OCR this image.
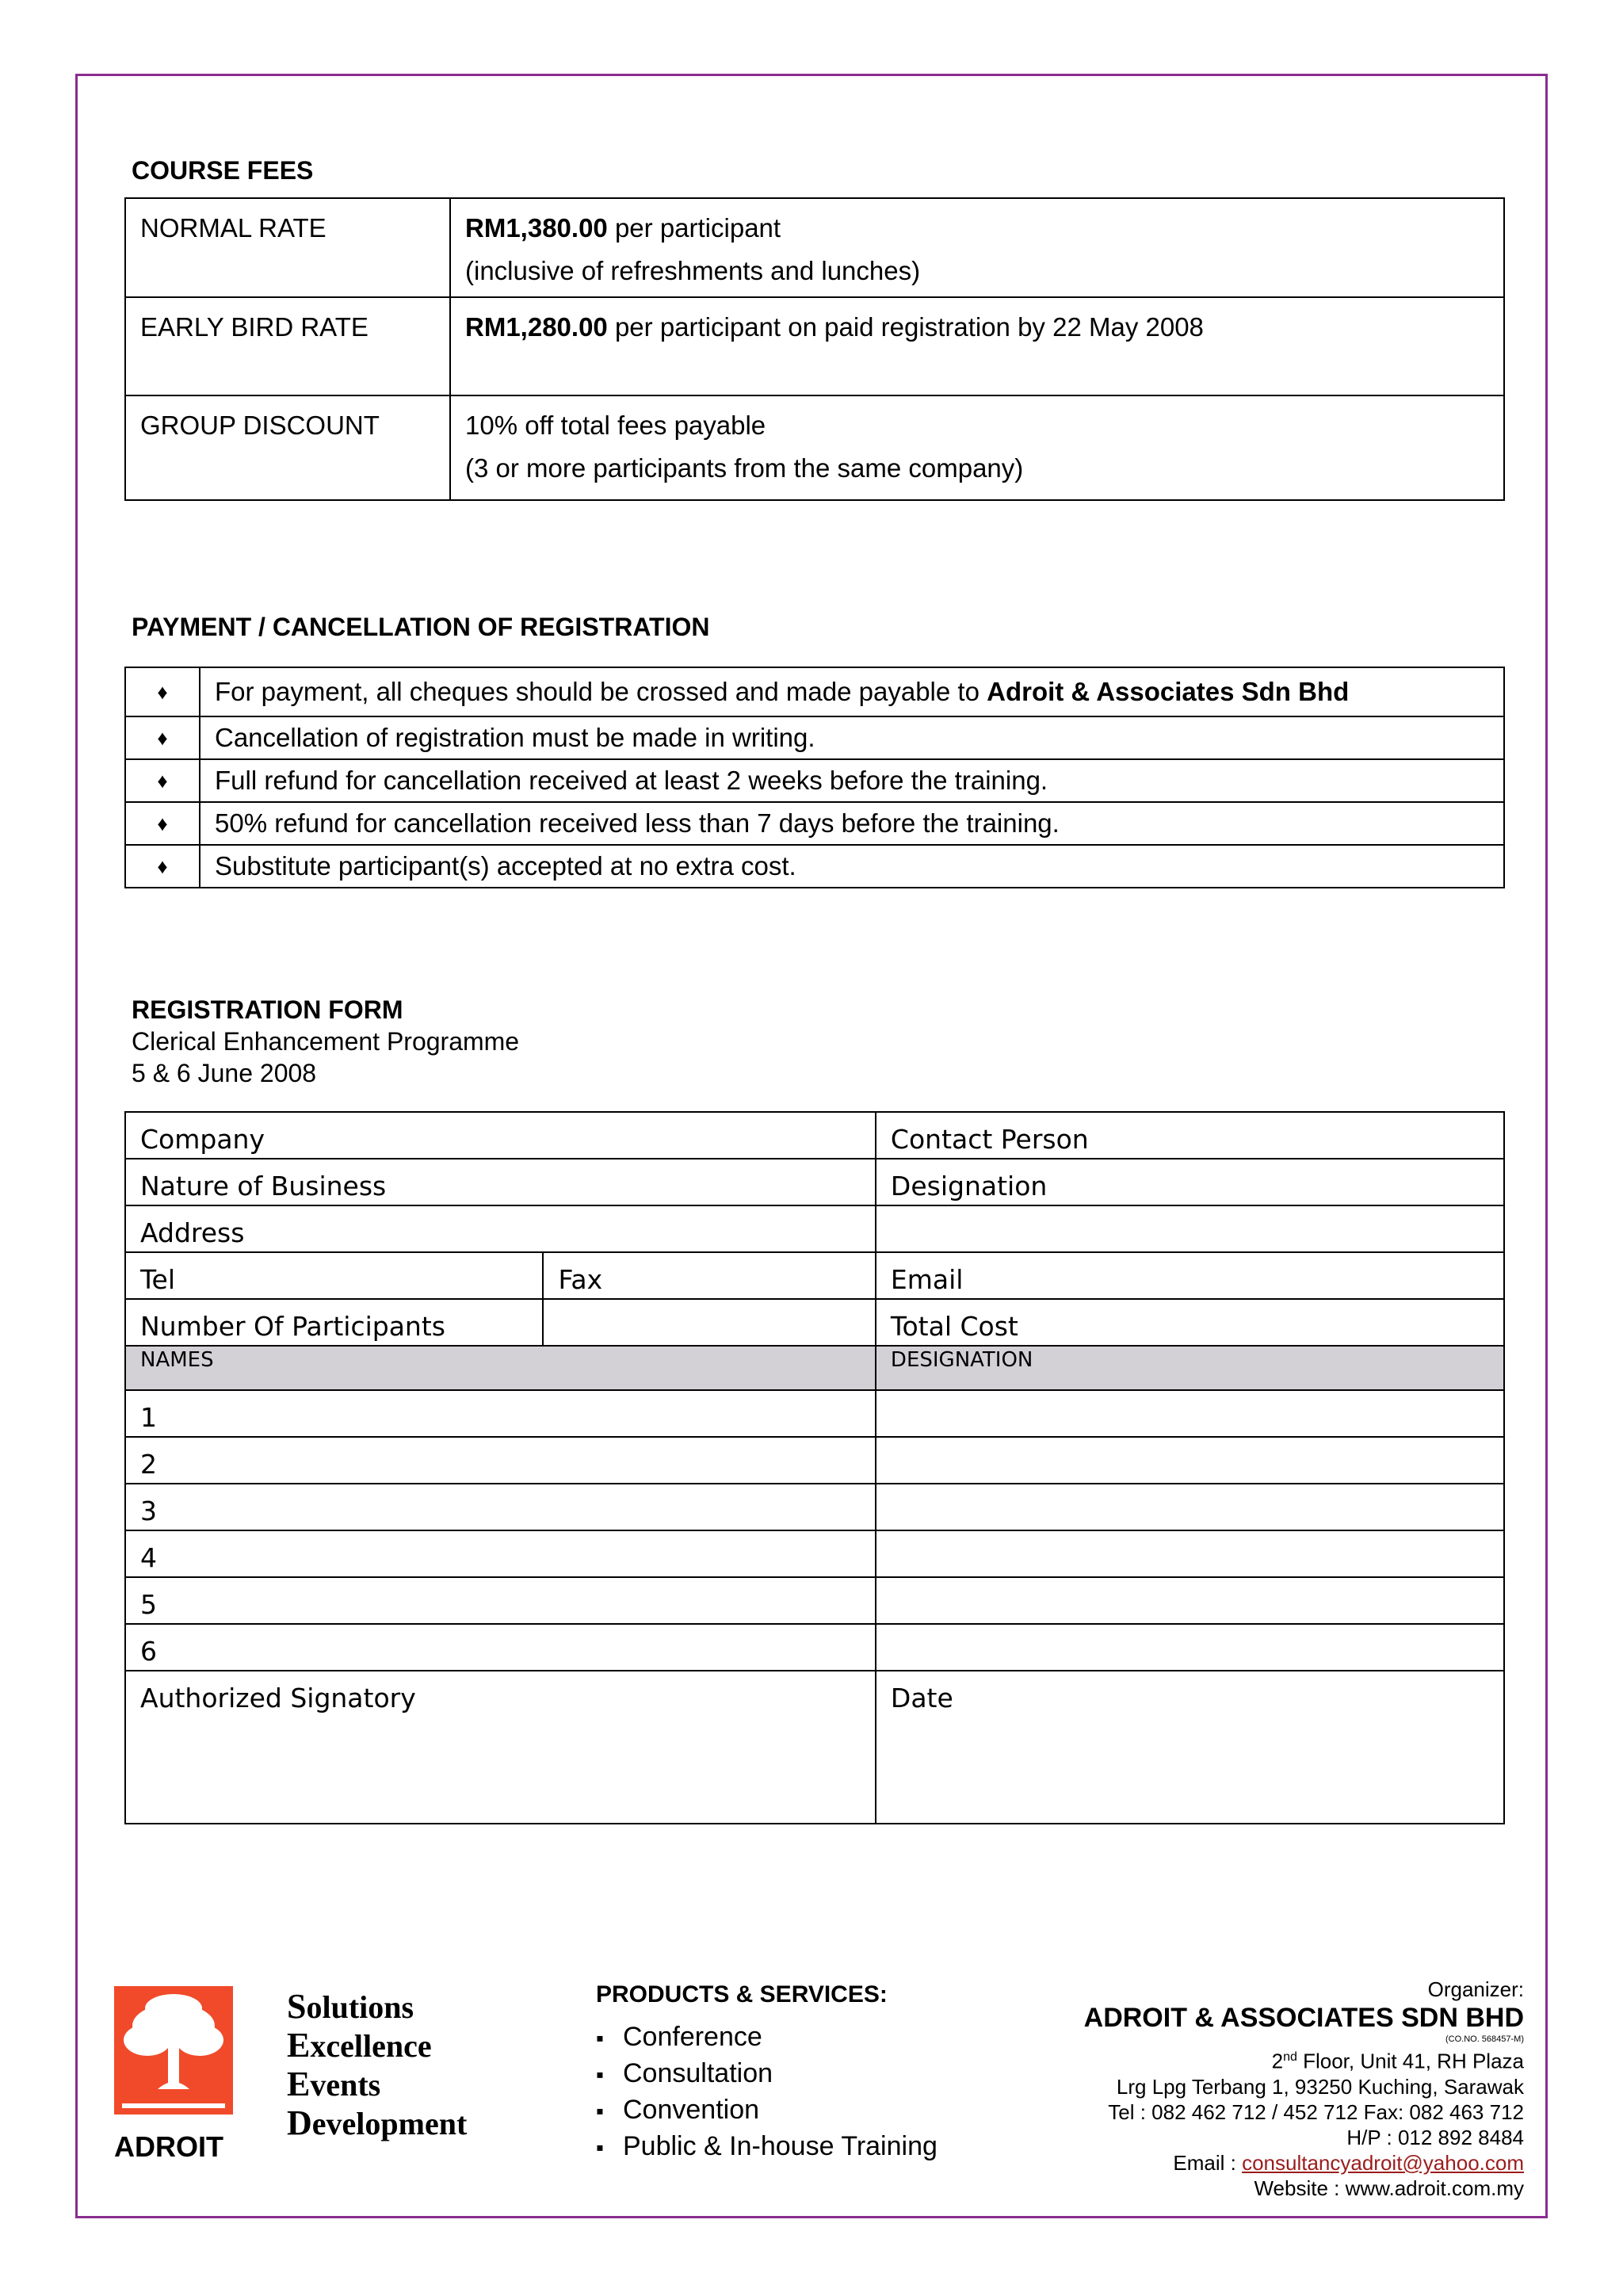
COURSE FEES
NORMAL RATE	RM1,380.00 per participant
(inclusive of refreshments and lunches)

EARLY BIRD RATE	RM1,280.00 per participant on paid registration by 22 May 2008

GROUP DISCOUNT	10% off total fees payable
(3 or more participants from the same company)
PAYMENT / CANCELLATION OF REGISTRATION
♦	For payment, all cheques should be crossed and made payable to Adroit & Associates Sdn Bhd
♦	Cancellation of registration must be made in writing.
♦	Full refund for cancellation received at least 2 weeks before the training.
♦	50% refund for cancellation received less than 7 days before the training.
♦	Substitute participant(s) accepted at no extra cost.
REGISTRATION FORM
Clerical Enhancement Programme
5 & 6 June 2008
Company		Contact Person
Nature of Business		Designation
Address		
Tel	Fax	Email
Number Of Participants		Total Cost
NAMES		DESIGNATION
1		
2		
3		
4		
5		
6		
Authorized Signatory		Date
ADROIT
Solutions
Excellence
Events
Development
PRODUCTS & SERVICES:
▪ Conference
▪ Consultation
▪ Convention
▪ Public & In-house Training
Organizer:
ADROIT & ASSOCIATES SDN BHD
(CO.NO. 568457-M)
2nd Floor, Unit 41, RH Plaza
Lrg Lpg Terbang 1, 93250 Kuching, Sarawak
Tel : 082 462 712 / 452 712 Fax: 082 463 712
H/P : 012 892 8484
Email : consultancyadroit@yahoo.com
Website : www.adroit.com.my
